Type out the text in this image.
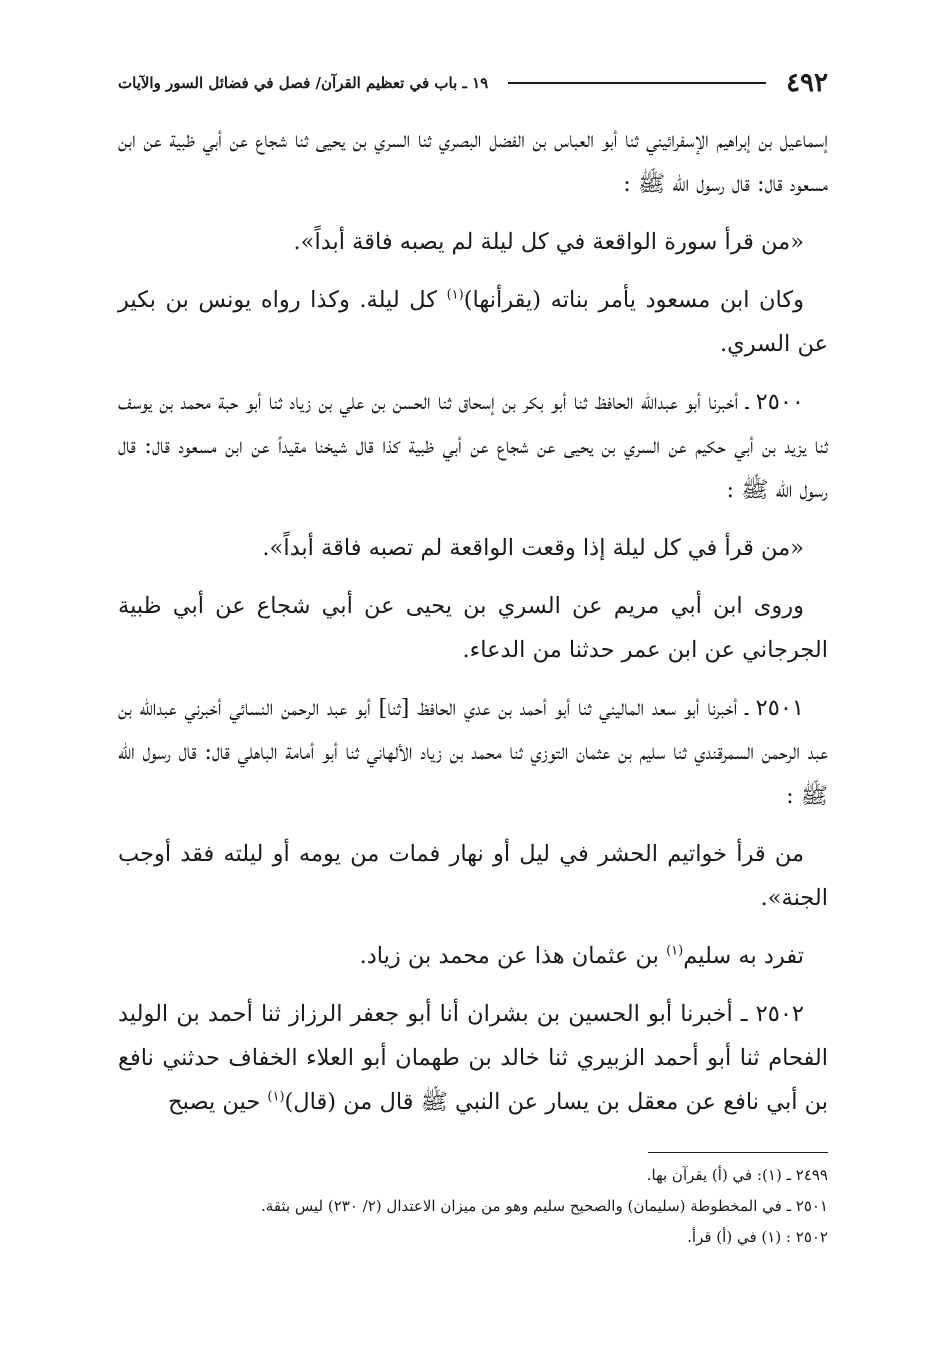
٤٩٢
١٩ ـ باب في تعظيم القرآن/ فصل في فضائل السور والآيات

إسماعيل بن إبراهيم الإسفرائيني ثنا أبو العباس بن الفضل البصري ثنا السري بن يحيى ثنا شجاع عن أبي ظبية عن ابن مسعود قال: قال رسول الله ﷺ :

«من قرأ سورة الواقعة في كل ليلة لم يصبه فاقة أبداً».

وكان ابن مسعود يأمر بناته (يقرأنها)$^{(١)}$ كل ليلة. وكذا رواه يونس بن بكير عن السري.

٢٥٠٠ ـ أخبرنا أبو عبدالله الحافظ ثنا أبو بكر بن إسحاق ثنا الحسن بن علي بن زياد ثنا أبو حبة محمد بن يوسف ثنا يزيد بن أبي حكيم عن السري بن يحيى عن شجاع عن أبي ظبية كذا قال شيخنا مقيداً عن ابن مسعود قال: قال رسول الله ﷺ :

«من قرأ في كل ليلة إذا وقعت الواقعة لم تصبه فاقة أبداً».

وروى ابن أبي مريم عن السري بن يحيى عن أبي شجاع عن أبي ظبية الجرجاني عن ابن عمر حدثنا من الدعاء.

٢٥٠١ ـ أخبرنا أبو سعد الماليني ثنا أبو أحمد بن عدي الحافظ [ثنا] أبو عبد الرحمن النسائي أخبرني عبدالله بن عبد الرحمن السمرقندي ثنا سليم بن عثمان التوزي ثنا محمد بن زياد الألهاني ثنا أبو أمامة الباهلي قال: قال رسول الله ﷺ :

من قرأ خواتيم الحشر في ليل أو نهار فمات من يومه أو ليلته فقد أوجب الجنة».

تفرد به سليم$^{(١)}$ بن عثمان هذا عن محمد بن زياد.

٢٥٠٢ ـ أخبرنا أبو الحسين بن بشران أنا أبو جعفر الرزاز ثنا أحمد بن الوليد الفحام ثنا أبو أحمد الزبيري ثنا خالد بن طهمان أبو العلاء الخفاف حدثني نافع بن أبي نافع عن معقل بن يسار عن النبي ﷺ قال من (قال)$^{(١)}$ حين يصبح

٢٤٩٩ ـ (١): في (أ) يقرآن بها.

٢٥٠١ ـ في المخطوطة (سليمان) والصحيح سليم وهو من ميزان الاعتدال (٢/ ٢٣٠) ليس بثقة.

٢٥٠٢ : (١) في (أ) قرأ.
